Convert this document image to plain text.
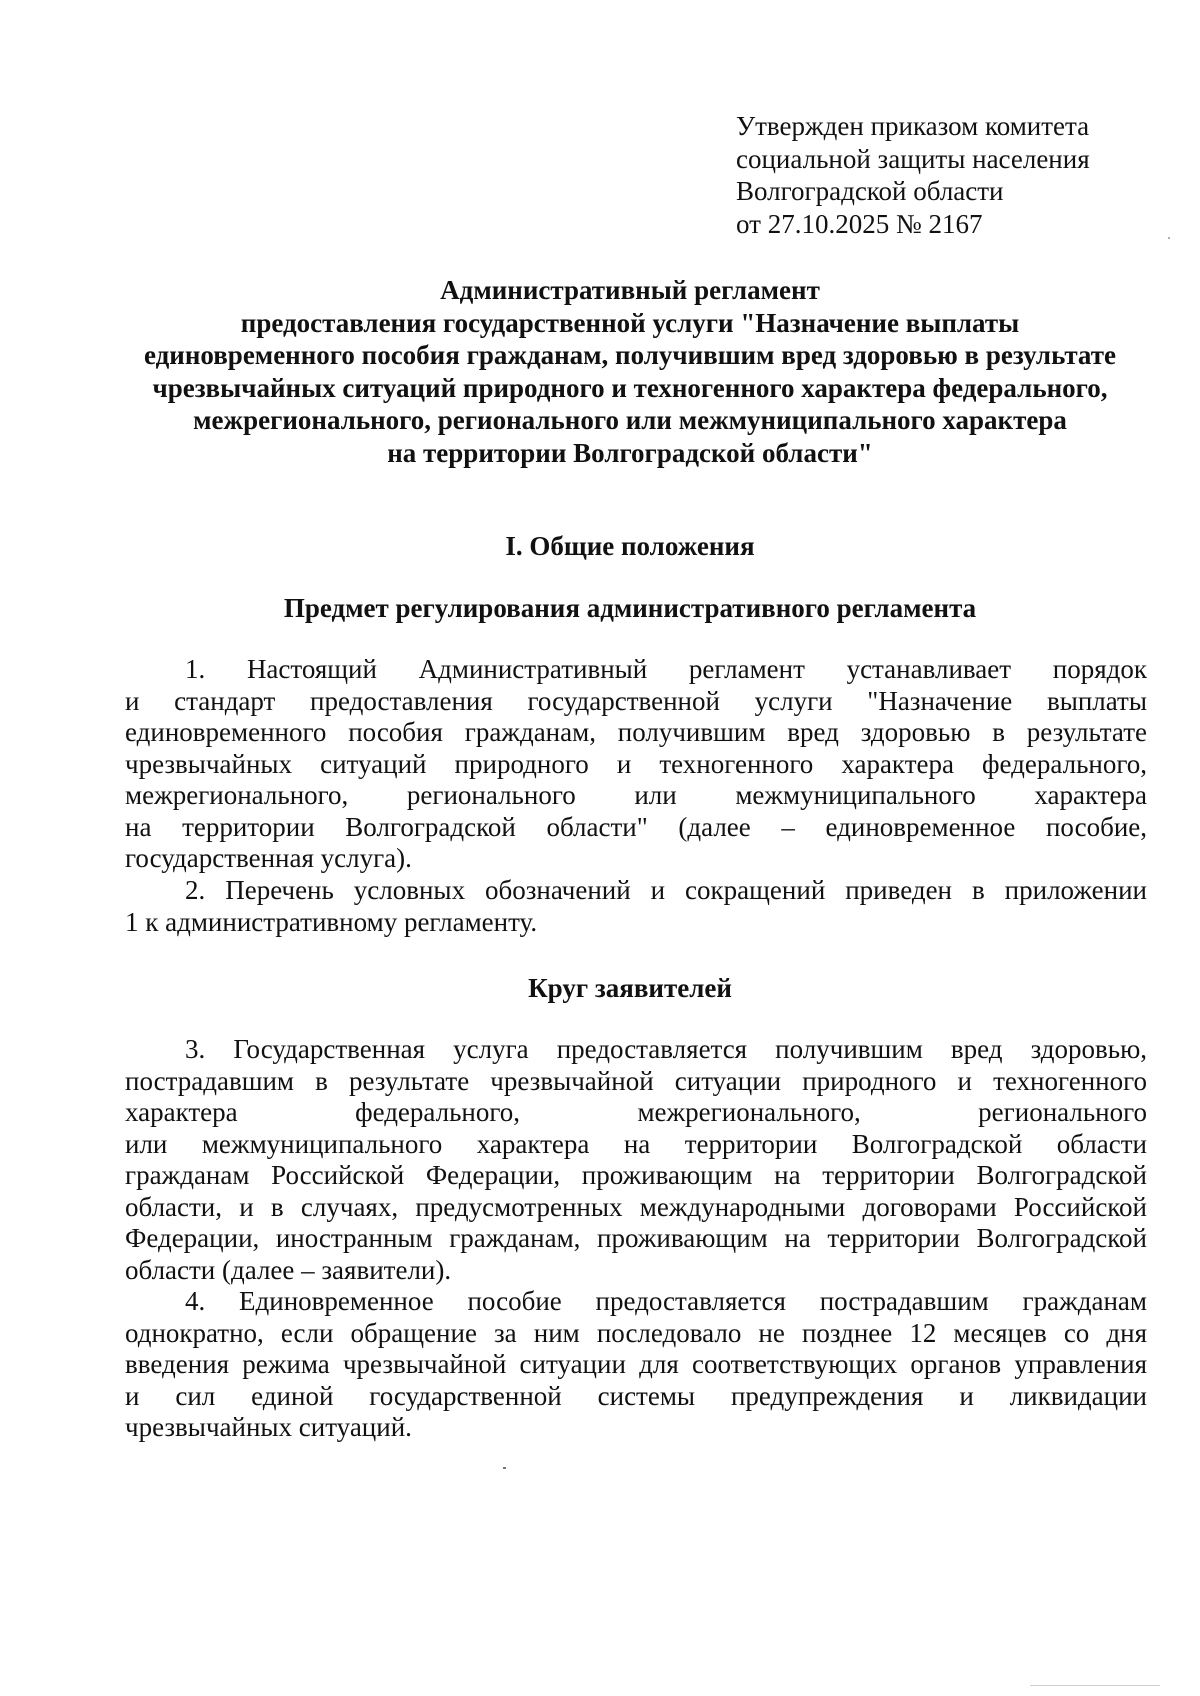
Утвержден приказом комитета
социальной защиты населения
Волгоградской области
от 27.10.2025 № 2167
Административный регламент
предоставления государственной услуги "Назначение выплаты
единовременного пособия гражданам, получившим вред здоровью в результате
чрезвычайных ситуаций природного и техногенного характера федерального,
межрегионального, регионального или межмуниципального характера
на территории Волгоградской области"
I. Общие положения
Предмет регулирования административного регламента
1. Настоящий Административный регламент устанавливает порядок
и стандарт предоставления государственной услуги "Назначение выплаты
единовременного пособия гражданам, получившим вред здоровью в результате
чрезвычайных ситуаций природного и техногенного характера федерального,
межрегионального, регионального или межмуниципального характера
на территории Волгоградской области" (далее – единовременное пособие,
государственная услуга).
2. Перечень условных обозначений и сокращений приведен в приложении
1 к административному регламенту.
Круг заявителей
3. Государственная услуга предоставляется получившим вред здоровью,
пострадавшим в результате чрезвычайной ситуации природного и техногенного
характера федерального, межрегионального, регионального
или межмуниципального характера на территории Волгоградской области
гражданам Российской Федерации, проживающим на территории Волгоградской
области, и в случаях, предусмотренных международными договорами Российской
Федерации, иностранным гражданам, проживающим на территории Волгоградской
области (далее – заявители).
4. Единовременное пособие предоставляется пострадавшим гражданам
однократно, если обращение за ним последовало не позднее 12 месяцев со дня
введения режима чрезвычайной ситуации для соответствующих органов управления
и сил единой государственной системы предупреждения и ликвидации
чрезвычайных ситуаций.
